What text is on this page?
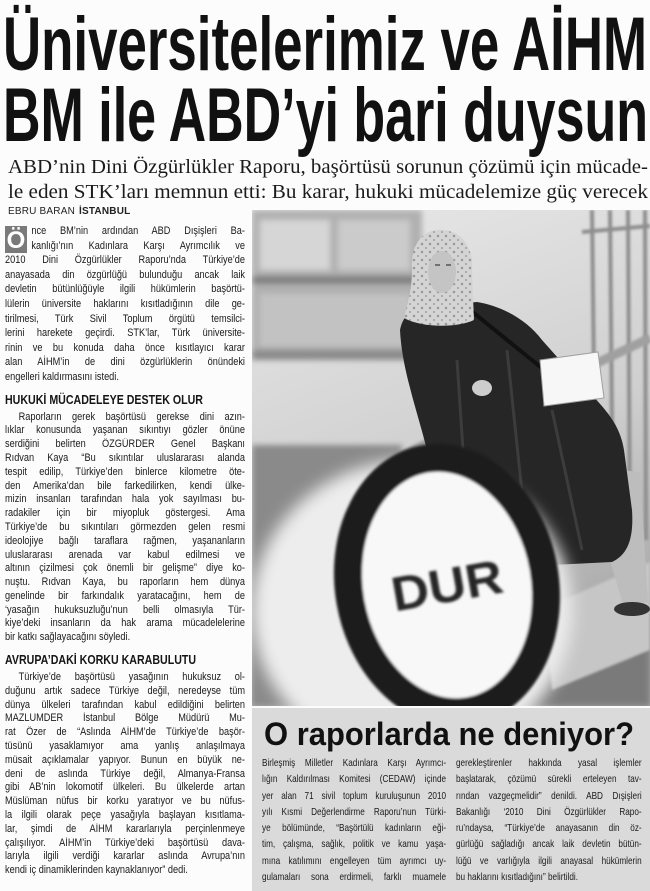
Üniversitelerimiz ve AİHM
BM ile ABD’yi bari duysun
ABD’nin Dini Özgürlükler Raporu, başörtüsü sorunun çözümü için mücade-
le eden STK’ları memnun etti: Bu karar, hukuki mücadelemize güç verecek
EBRU BARAN İSTANBUL
Ö nce BM’nin ardından ABD Dışişleri Ba-
kanlığı’nın Kadınlara Karşı Ayrımcılık ve
2010 Dini Özgürlükler Raporu’nda Türkiye’de
anayasada din özgürlüğü bulunduğu ancak laik
devletin bütünlüğüyle ilgili hükümlerin başörtü-
lülerin üniversite haklarını kısıtladığının dile ge-
tirilmesi, Türk Sivil Toplum örgütü temsilci-
lerini harekete geçirdi. STK’lar, Türk üniversite-
rinin ve bu konuda daha önce kısıtlayıcı karar
alan AİHM’in de dini özgürlüklerin önündeki
engelleri kaldırmasını istedi.
HUKUKİ MÜCADELEYE DESTEK OLUR
Raporların gerek başörtüsü gerekse dini azın-
lıklar konusunda yaşanan sıkıntıyı gözler önüne
serdiğini belirten ÖZGÜRDER Genel Başkanı
Rıdvan Kaya “Bu sıkıntılar uluslararası alanda
tespit edilip, Türkiye’den binlerce kilometre öte-
den Amerika’dan bile farkedilirken, kendi ülke-
mizin insanları tarafından hala yok sayılması bu-
radakiler için bir miyopluk göstergesi. Ama
Türkiye’de bu sıkıntıları görmezden gelen resmi
ideolojiye bağlı taraflara rağmen, yaşananların
uluslararası arenada var kabul edilmesi ve
altının çizilmesi çok önemli bir gelişme” diye ko-
nuştu. Rıdvan Kaya, bu raporların hem dünya
genelinde bir farkındalık yaratacağını, hem de
‘yasağın hukuksuzluğu’nun belli olmasıyla Tür-
kiye’deki insanların da hak arama mücadelelerine
bir katkı sağlayacağını söyledi.
AVRUPA’DAKİ KORKU KARABULUTU
Türkiye’de başörtüsü yasağının hukuksuz ol-
duğunu artık sadece Türkiye değil, neredeyse tüm
dünya ülkeleri tarafından kabul edildiğini belirten
MAZLUMDER İstanbul Bölge Müdürü Mu-
rat Özer de “Aslında AİHM’de Türkiye’de başör-
tüsünü yasaklamıyor ama yanlış anlaşılmaya
müsait açıklamalar yapıyor. Bunun en büyük ne-
deni de aslında Türkiye değil, Almanya-Fransa
gibi AB’nin lokomotif ülkeleri. Bu ülkelerde artan
Müslüman nüfus bir korku yaratıyor ve bu nüfus-
la ilgili olarak peçe yasağıyla başlayan kısıtlama-
lar, şimdi de AİHM kararlarıyla perçinlenmeye
çalışılıyor. AİHM’in Türkiye’deki başörtüsü dava-
larıyla ilgili verdiği kararlar aslında Avrupa’nın
kendi iç dinamiklerinden kaynaklanıyor” dedi.
DUR
O raporlarda ne deniyor?
Birleşmiş Milletler Kadınlara Karşı Ayrımcı-
lığın Kaldırılması Komitesi (CEDAW) içinde
yer alan 71 sivil toplum kuruluşunun 2010
yılı Kısmi Değerlendirme Raporu’nun Türki-
ye bölümünde, “Başörtülü kadınların eği-
tim, çalışma, sağlık, politik ve kamu yaşa-
mına katılımını engelleyen tüm ayrımcı uy-
gulamaları sona erdirmeli, farklı muamele
gerekleştirenler hakkında yasal işlemler
başlatarak, çözümü sürekli erteleyen tav-
rından vazgeçmelidir” denildi. ABD Dışişleri
Bakanlığı ‘2010 Dini Özgürlükler Rapo-
ru’ndaysa, “Türkiye’de anayasanın din öz-
gürlüğü sağladığı ancak laik devletin bütün-
lüğü ve varlığıyla ilgili anayasal hükümlerin
bu haklarını kısıtladığını” belirtildi.
